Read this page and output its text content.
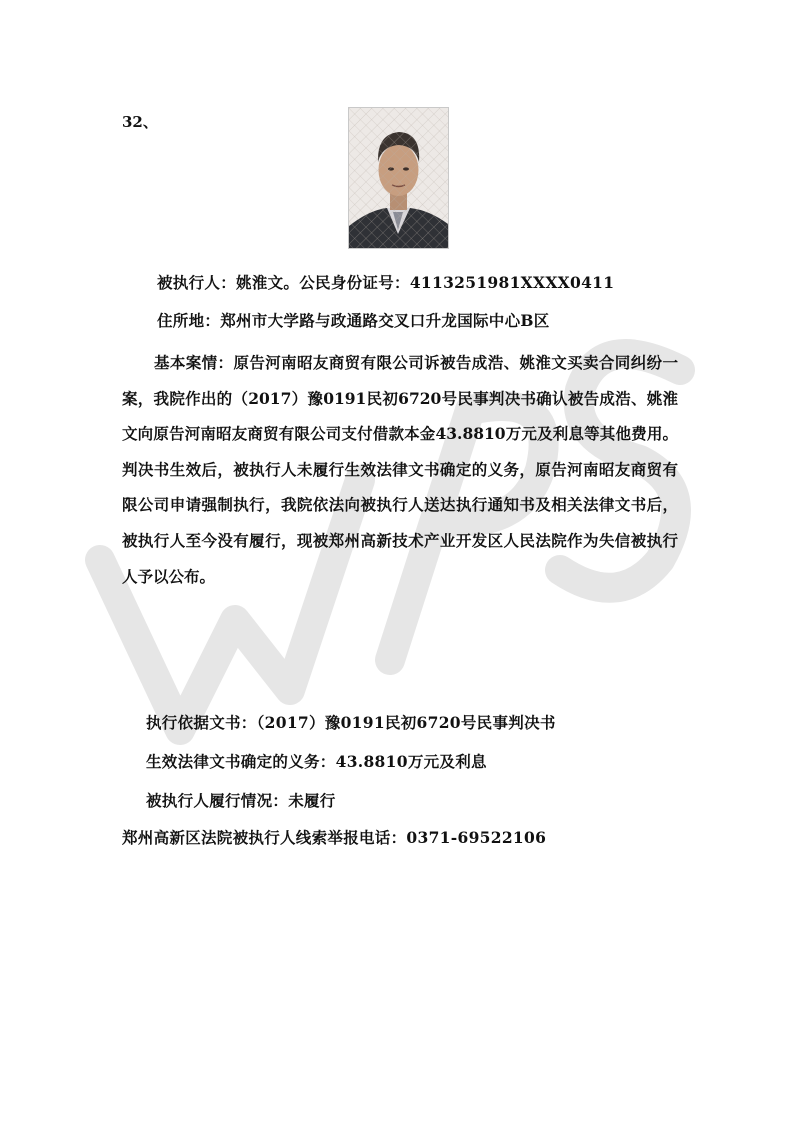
32、
被执行人：姚淮文。公民身份证号：4113251981XXXX0411
住所地：郑州市大学路与政通路交叉口升龙国际中心B区
基本案情：原告河南昭友商贸有限公司诉被告成浩、姚淮文买卖合同纠纷一案，我院作出的（2017）豫0191民初6720号民事判决书确认被告成浩、姚淮文向原告河南昭友商贸有限公司支付借款本金43.8810万元及利息等其他费用。判决书生效后，被执行人未履行生效法律文书确定的义务，原告河南昭友商贸有限公司申请强制执行，我院依法向被执行人送达执行通知书及相关法律文书后，被执行人至今没有履行，现被郑州高新技术产业开发区人民法院作为失信被执行人予以公布。
执行依据文书：（2017）豫0191民初6720号民事判决书
生效法律文书确定的义务：43.8810万元及利息
被执行人履行情况：未履行
郑州高新区法院被执行人线索举报电话：0371-69522106
